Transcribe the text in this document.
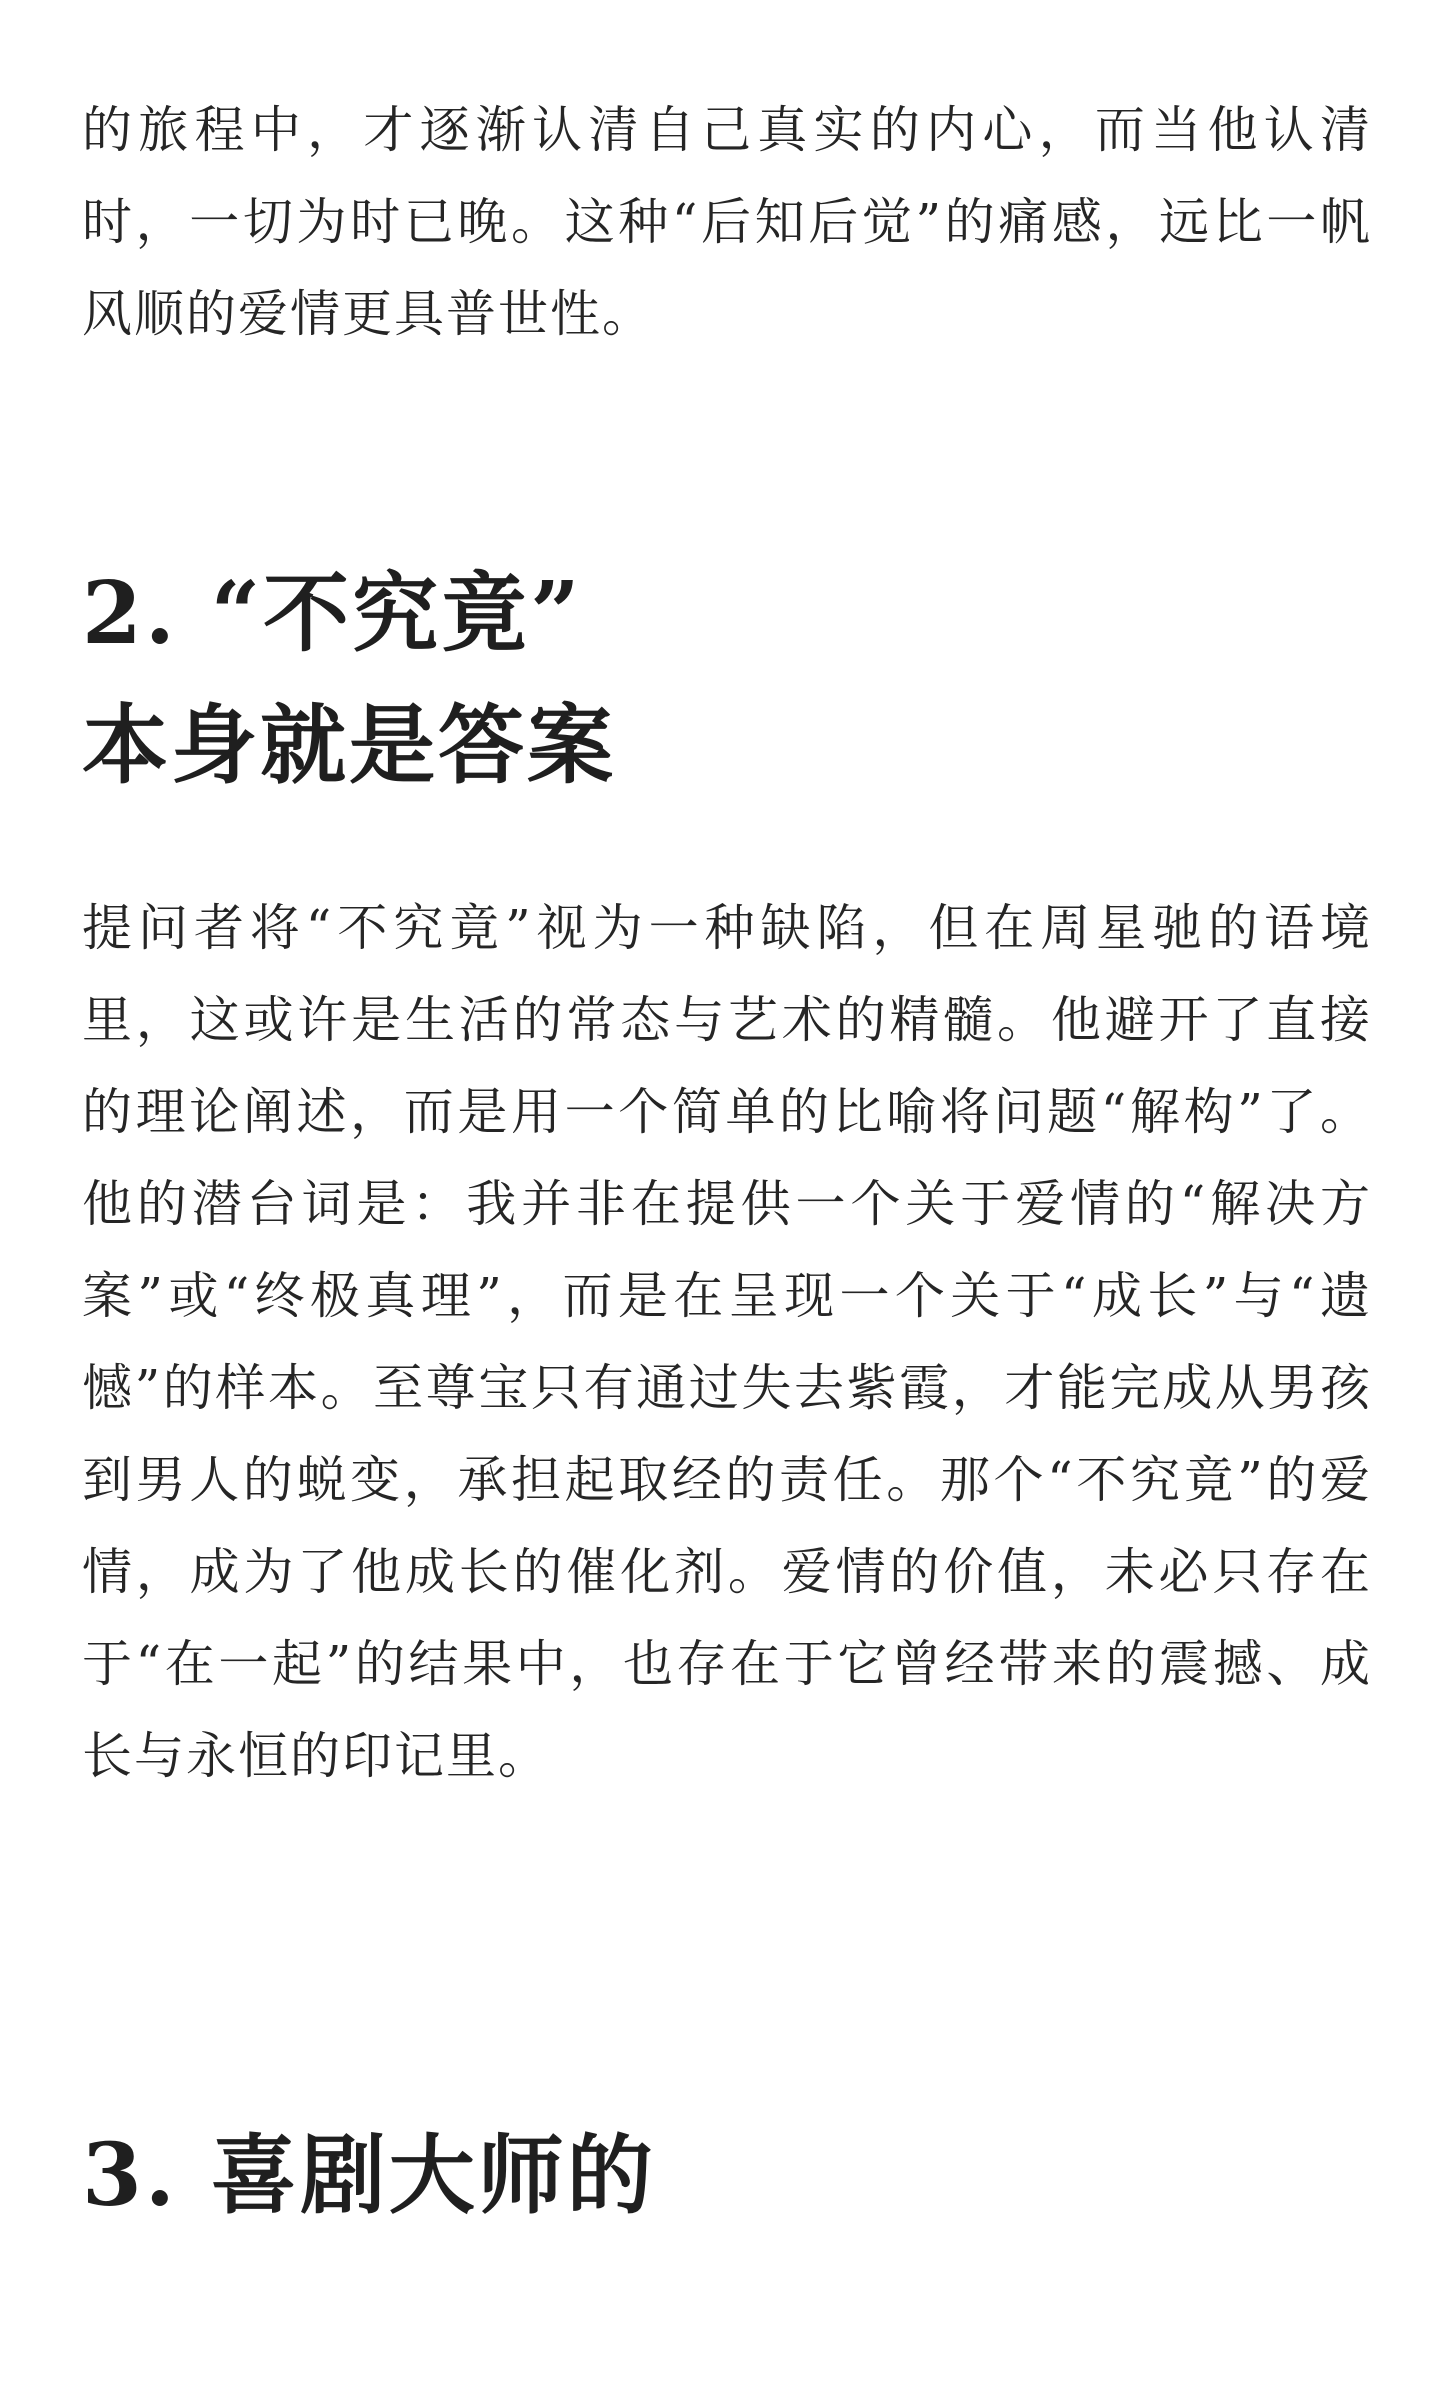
的旅程中，才逐渐认清自己真实的内心，而当他认清时，一切为时已晚。这种“后知后觉”的痛感，远比一帆风顺的爱情更具普世性。

2. “不究竟”
本身就是答案

提问者将“不究竟”视为一种缺陷，但在周星驰的语境里，这或许是生活的常态与艺术的精髓。他避开了直接的理论阐述，而是用一个简单的比喻将问题“解构”了。他的潜台词是：我并非在提供一个关于爱情的“解决方案”或“终极真理”，而是在呈现一个关于“成长”与“遗憾”的样本。至尊宝只有通过失去紫霞，才能完成从男孩到男人的蜕变，承担起取经的责任。那个“不究竟”的爱情，成为了他成长的催化剂。爱情的价值，未必只存在于“在一起”的结果中，也存在于它曾经带来的震撼、成长与永恒的印记里。

3. 喜剧大师的
